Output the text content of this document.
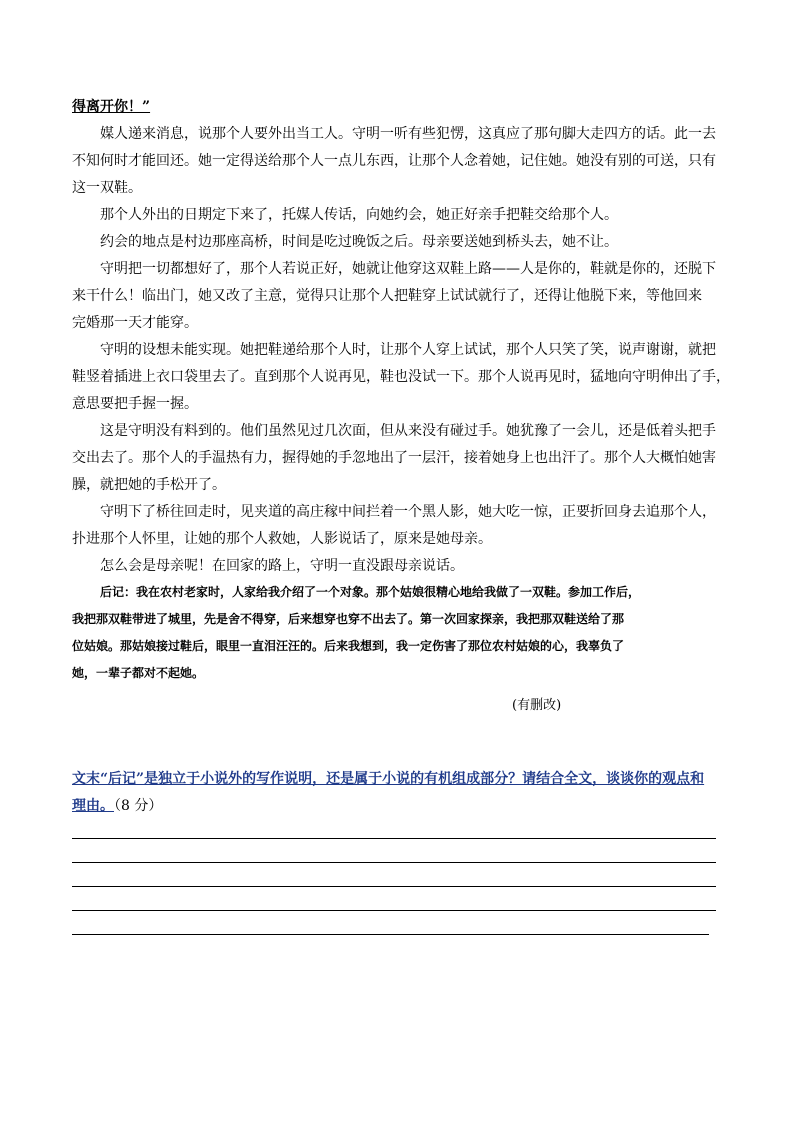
得离开你！”
媒人递来消息，说那个人要外出当工人。守明一听有些犯愣，这真应了那句脚大走四方的话。此一去
不知何时才能回还。她一定得送给那个人一点儿东西，让那个人念着她，记住她。她没有别的可送，只有
这一双鞋。
那个人外出的日期定下来了，托媒人传话，向她约会，她正好亲手把鞋交给那个人。
约会的地点是村边那座高桥，时间是吃过晚饭之后。母亲要送她到桥头去，她不让。
守明把一切都想好了，那个人若说正好，她就让他穿这双鞋上路——人是你的，鞋就是你的，还脱下
来干什么！临出门，她又改了主意，觉得只让那个人把鞋穿上试试就行了，还得让他脱下来，等他回来
完婚那一天才能穿。
守明的设想未能实现。她把鞋递给那个人时，让那个人穿上试试，那个人只笑了笑，说声谢谢，就把
鞋竖着插进上衣口袋里去了。直到那个人说再见，鞋也没试一下。那个人说再见时，猛地向守明伸出了手，
意思要把手握一握。
这是守明没有料到的。他们虽然见过几次面，但从来没有碰过手。她犹豫了一会儿，还是低着头把手
交出去了。那个人的手温热有力，握得她的手忽地出了一层汗，接着她身上也出汗了。那个人大概怕她害
臊，就把她的手松开了。
守明下了桥往回走时，见夹道的高庄稼中间拦着一个黑人影，她大吃一惊，正要折回身去追那个人，
扑进那个人怀里，让她的那个人救她，人影说话了，原来是她母亲。
怎么会是母亲呢！在回家的路上，守明一直没跟母亲说话。
后记：我在农村老家时，人家给我介绍了一个对象。那个姑娘很精心地给我做了一双鞋。参加工作后，
我把那双鞋带进了城里，先是舍不得穿，后来想穿也穿不出去了。第一次回家探亲，我把那双鞋送给了那
位姑娘。那姑娘接过鞋后，眼里一直泪汪汪的。后来我想到，我一定伤害了那位农村姑娘的心，我辜负了
她，一辈子都对不起她。
(有删改)
文末“后记”是独立于小说外的写作说明，还是属于小说的有机组成部分？请结合全文，谈谈你的观点和
理由。（8 分）
